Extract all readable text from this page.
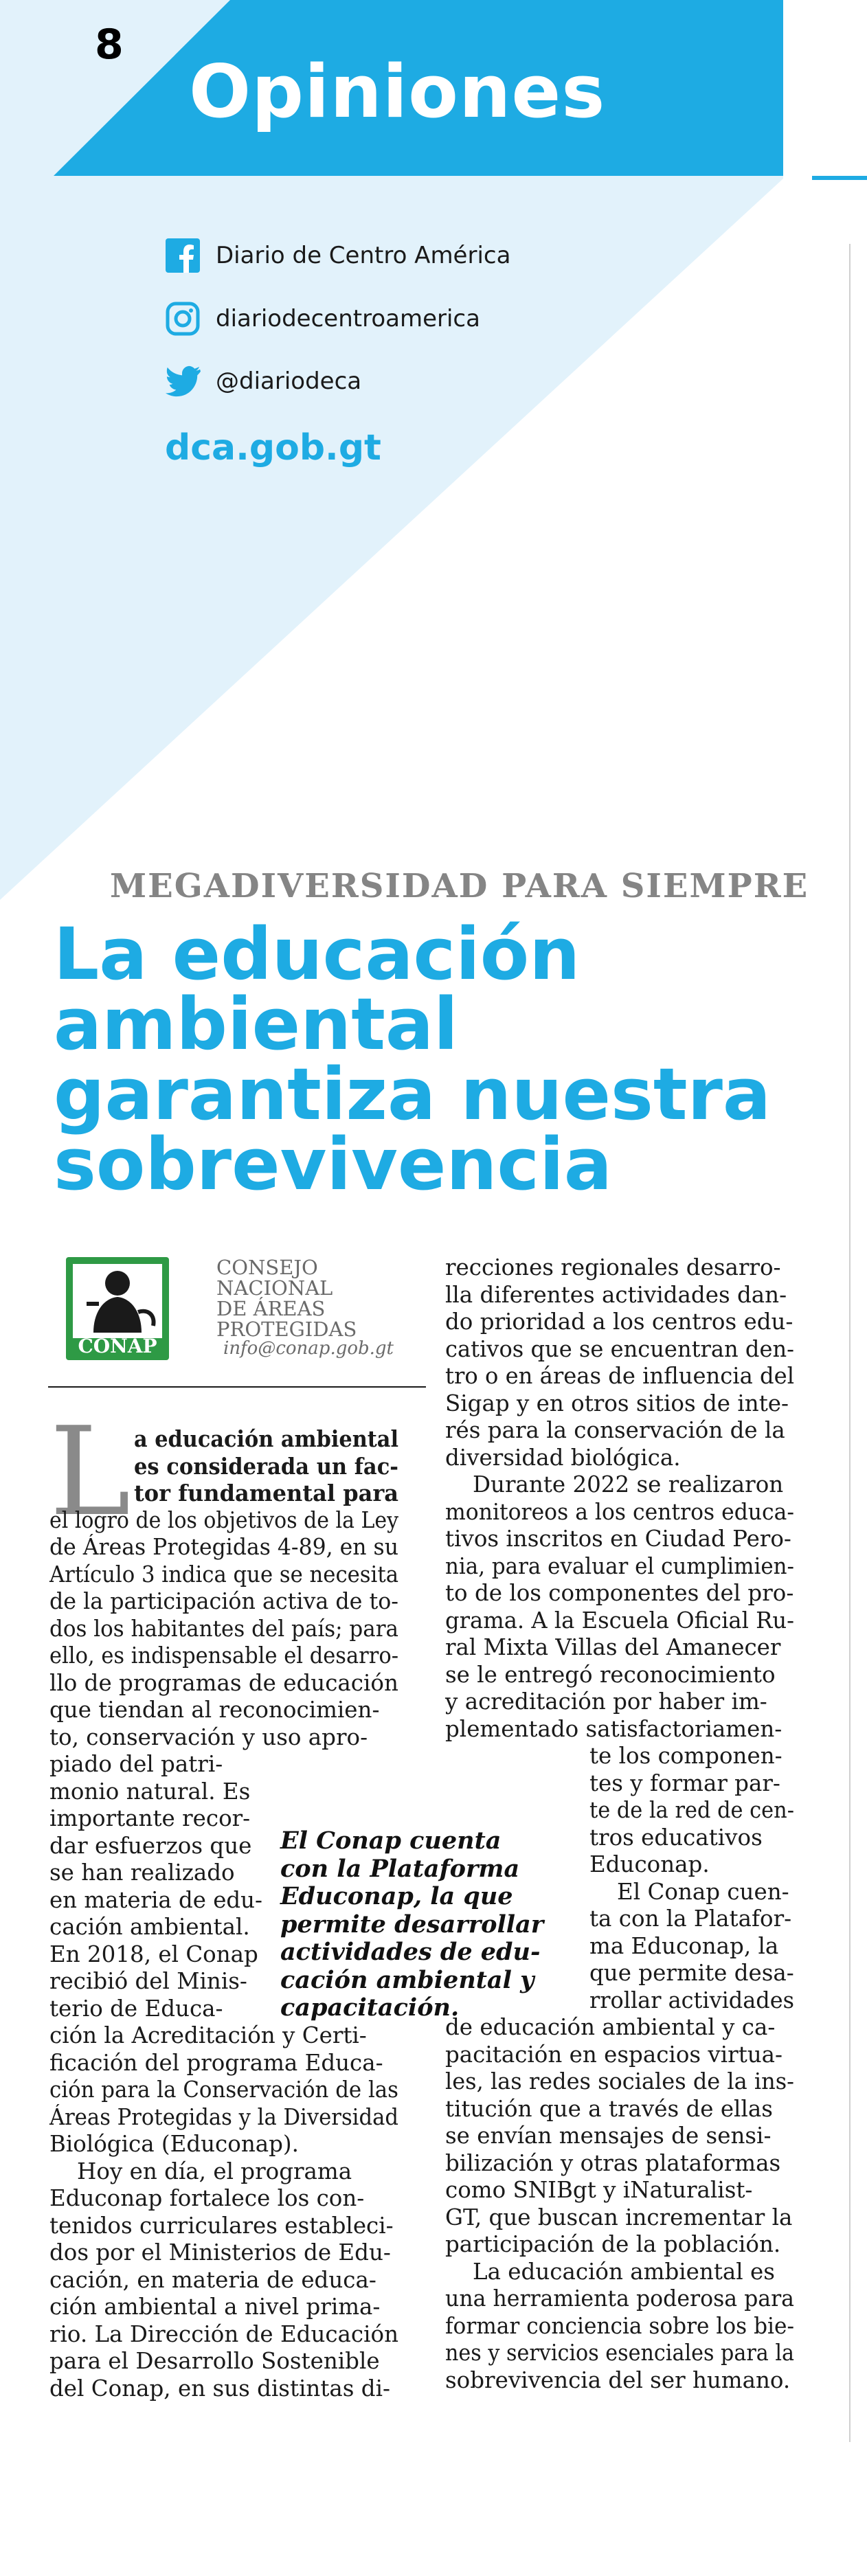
8
Opiniones
Diario de Centro América
diariodecentroamerica
@diariodeca
dca.gob.gt
MEGADIVERSIDAD PARA SIEMPRE
La educación
ambiental
garantiza nuestra
sobrevivencia
CONAP
CONSEJO
NACIONAL
DE ÁREAS
PROTEGIDAS
info@conap.gob.gt
L a educación ambiental
es considerada un fac-
tor fundamental para
el logro de los objetivos de la Ley
de Áreas Protegidas 4-89, en su
Artículo 3 indica que se necesita
de la participación activa de to-
dos los habitantes del país; para
ello, es indispensable el desarro-
llo de programas de educación
que tiendan al reconocimien-
to, conservación y uso apro-
piado del patri-
monio natural. Es
importante recor-
dar esfuerzos que
se han realizado
en materia de edu-
cación ambiental.
En 2018, el Conap
recibió del Minis-
terio de Educa-
ción la Acreditación y Certi-
ficación del programa Educa-
ción para la Conservación de las
Áreas Protegidas y la Diversidad
Biológica (Educonap).
Hoy en día, el programa
Educonap fortalece los con-
tenidos curriculares estableci-
dos por el Ministerios de Edu-
cación, en materia de educa-
ción ambiental a nivel prima-
rio. La Dirección de Educación
para el Desarrollo Sostenible
del Conap, en sus distintas di-
El Conap cuenta
con la Plataforma
Educonap, la que
permite desarrollar
actividades de edu-
cación ambiental y
capacitación.
recciones regionales desarro-
lla diferentes actividades dan-
do prioridad a los centros edu-
cativos que se encuentran den-
tro o en áreas de influencia del
Sigap y en otros sitios de inte-
rés para la conservación de la
diversidad biológica.
Durante 2022 se realizaron
monitoreos a los centros educa-
tivos inscritos en Ciudad Pero-
nia, para evaluar el cumplimien-
to de los componentes del pro-
grama. A la Escuela Oficial Ru-
ral Mixta Villas del Amanecer
se le entregó reconocimiento
y acreditación por haber im-
plementado satisfactoriamen-
te los componen-
tes y formar par-
te de la red de cen-
tros educativos
Educonap.
El Conap cuen-
ta con la Platafor-
ma Educonap, la
que permite desa-
rrollar actividades
de educación ambiental y ca-
pacitación en espacios virtua-
les, las redes sociales de la ins-
titución que a través de ellas
se envían mensajes de sensi-
bilización y otras plataformas
como SNIBgt y iNaturalist-
GT, que buscan incrementar la
participación de la población.
La educación ambiental es
una herramienta poderosa para
formar conciencia sobre los bie-
nes y servicios esenciales para la
sobrevivencia del ser humano.
